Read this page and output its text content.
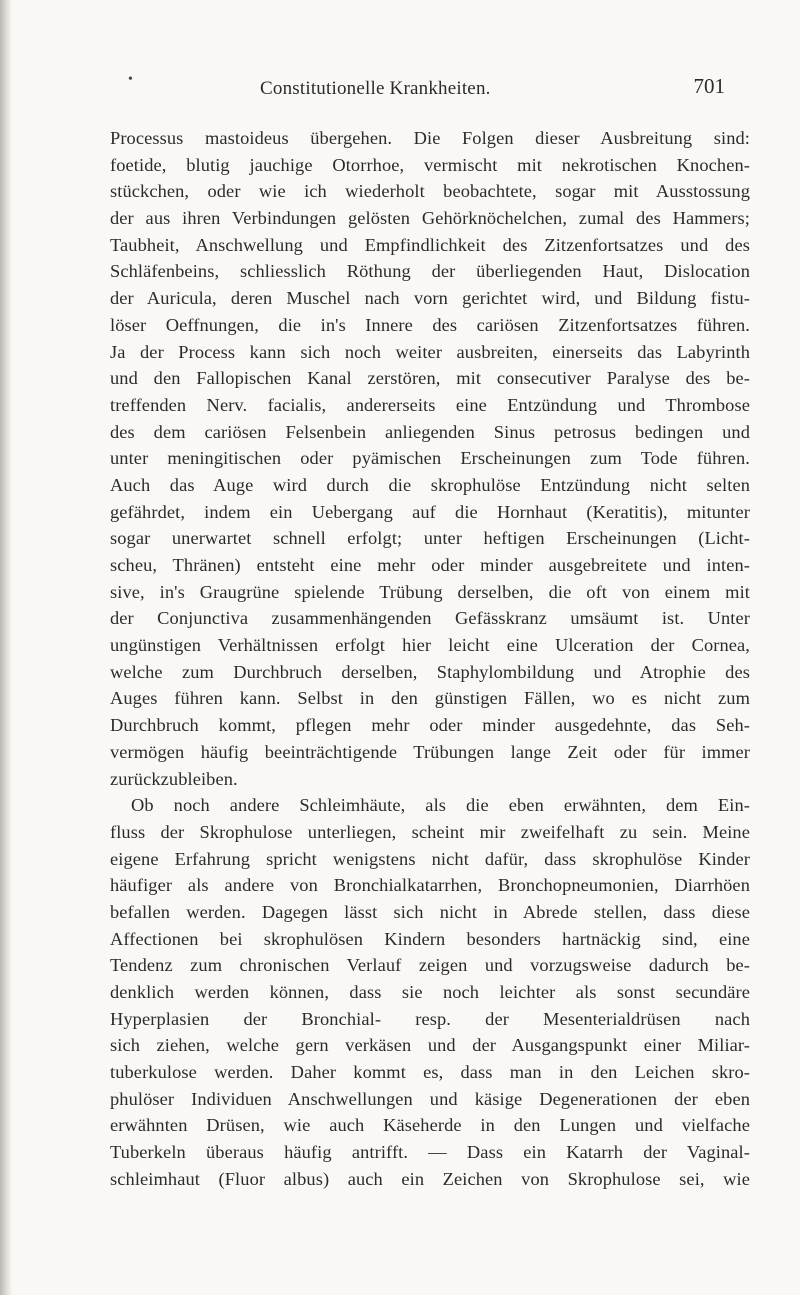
•	Constitutionelle Krankheiten.	701
Processus mastoideus übergehen. Die Folgen dieser Ausbreitung sind:
foetide, blutig jauchige Otorrhoe, vermischt mit nekrotischen Knochen-
stückchen, oder wie ich wiederholt beobachtete, sogar mit Ausstossung
der aus ihren Verbindungen gelösten Gehörknöchelchen, zumal des Hammers;
Taubheit, Anschwellung und Empfindlichkeit des Zitzenfortsatzes und des
Schläfenbeins, schliesslich Röthung der überliegenden Haut, Dislocation
der Auricula, deren Muschel nach vorn gerichtet wird, und Bildung fistu-
löser Oeffnungen, die in's Innere des cariösen Zitzenfortsatzes führen.
Ja der Process kann sich noch weiter ausbreiten, einerseits das Labyrinth
und den Fallopischen Kanal zerstören, mit consecutiver Paralyse des be-
treffenden Nerv. facialis, andererseits eine Entzündung und Thrombose
des dem cariösen Felsenbein anliegenden Sinus petrosus bedingen und
unter meningitischen oder pyämischen Erscheinungen zum Tode führen.
Auch das Auge wird durch die skrophulöse Entzündung nicht selten
gefährdet, indem ein Uebergang auf die Hornhaut (Keratitis), mitunter
sogar unerwartet schnell erfolgt; unter heftigen Erscheinungen (Licht-
scheu, Thränen) entsteht eine mehr oder minder ausgebreitete und inten-
sive, in's Graugrüne spielende Trübung derselben, die oft von einem mit
der Conjunctiva zusammenhängenden Gefässkranz umsäumt ist. Unter
ungünstigen Verhältnissen erfolgt hier leicht eine Ulceration der Cornea,
welche zum Durchbruch derselben, Staphylombildung und Atrophie des
Auges führen kann. Selbst in den günstigen Fällen, wo es nicht zum
Durchbruch kommt, pflegen mehr oder minder ausgedehnte, das Seh-
vermögen häufig beeinträchtigende Trübungen lange Zeit oder für immer
zurückzubleiben.
Ob noch andere Schleimhäute, als die eben erwähnten, dem Ein-
fluss der Skrophulose unterliegen, scheint mir zweifelhaft zu sein. Meine
eigene Erfahrung spricht wenigstens nicht dafür, dass skrophulöse Kinder
häufiger als andere von Bronchialkatarrhen, Bronchopneumonien, Diarrhöen
befallen werden. Dagegen lässt sich nicht in Abrede stellen, dass diese
Affectionen bei skrophulösen Kindern besonders hartnäckig sind, eine
Tendenz zum chronischen Verlauf zeigen und vorzugsweise dadurch be-
denklich werden können, dass sie noch leichter als sonst secundäre
Hyperplasien der Bronchial- resp. der Mesenterialdrüsen nach
sich ziehen, welche gern verkäsen und der Ausgangspunkt einer Miliar-
tuberkulose werden. Daher kommt es, dass man in den Leichen skro-
phulöser Individuen Anschwellungen und käsige Degenerationen der eben
erwähnten Drüsen, wie auch Käseherde in den Lungen und vielfache
Tuberkeln überaus häufig antrifft. — Dass ein Katarrh der Vaginal-
schleimhaut (Fluor albus) auch ein Zeichen von Skrophulose sei, wie
